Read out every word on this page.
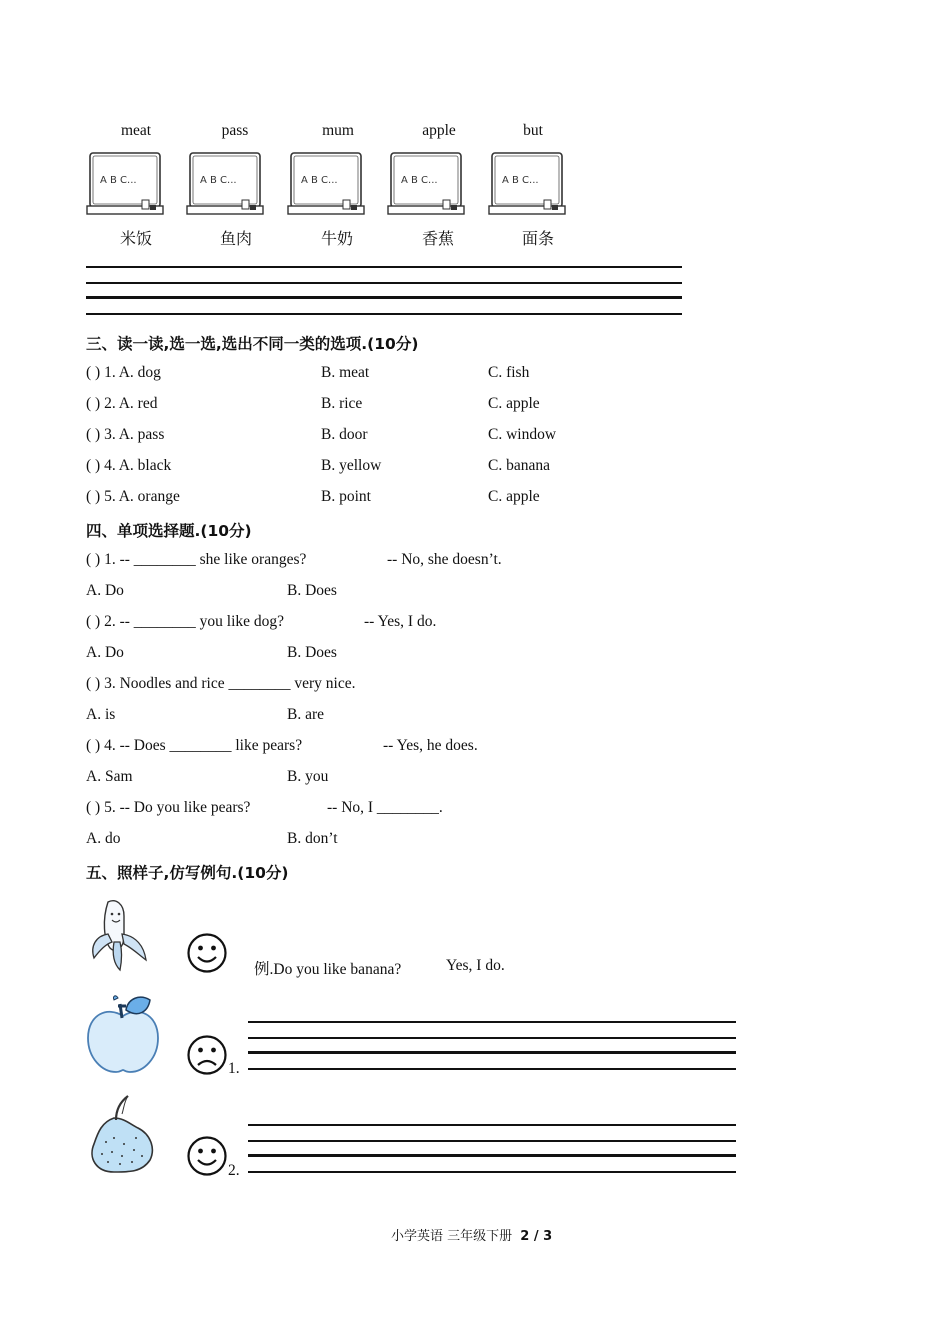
meat	pass	mum	apple	but
A B C...	A B C...	A B C...	A B C...	A B C...
米饭	鱼肉	牛奶	香蕉	面条
三、读一读,选一选,选出不同一类的选项.(10分)
( ) 1. A. dog	B. meat	C. fish
( ) 2. A. red	B. rice	C. apple
( ) 3. A. pass	B. door	C. window
( ) 4. A. black	B. yellow	C. banana
( ) 5. A. orange	B. point	C. apple
四、单项选择题.(10分)
( ) 1. -- ________ she like oranges?	-- No, she doesn’t.
A. Do	B. Does
( ) 2. -- ________ you like dog?	-- Yes, I do.
A. Do	B. Does
( ) 3. Noodles and rice ________ very nice.
A. is	B. are
( ) 4. -- Does ________ like pears?	-- Yes, he does.
A. Sam	B. you
( ) 5. -- Do you like pears?	-- No, I ________.
A. do	B. don’t
五、照样子,仿写例句.(10分)
例.Do you like banana?	Yes, I do.
1.
2.
小学英语 三年级下册 2 / 3
